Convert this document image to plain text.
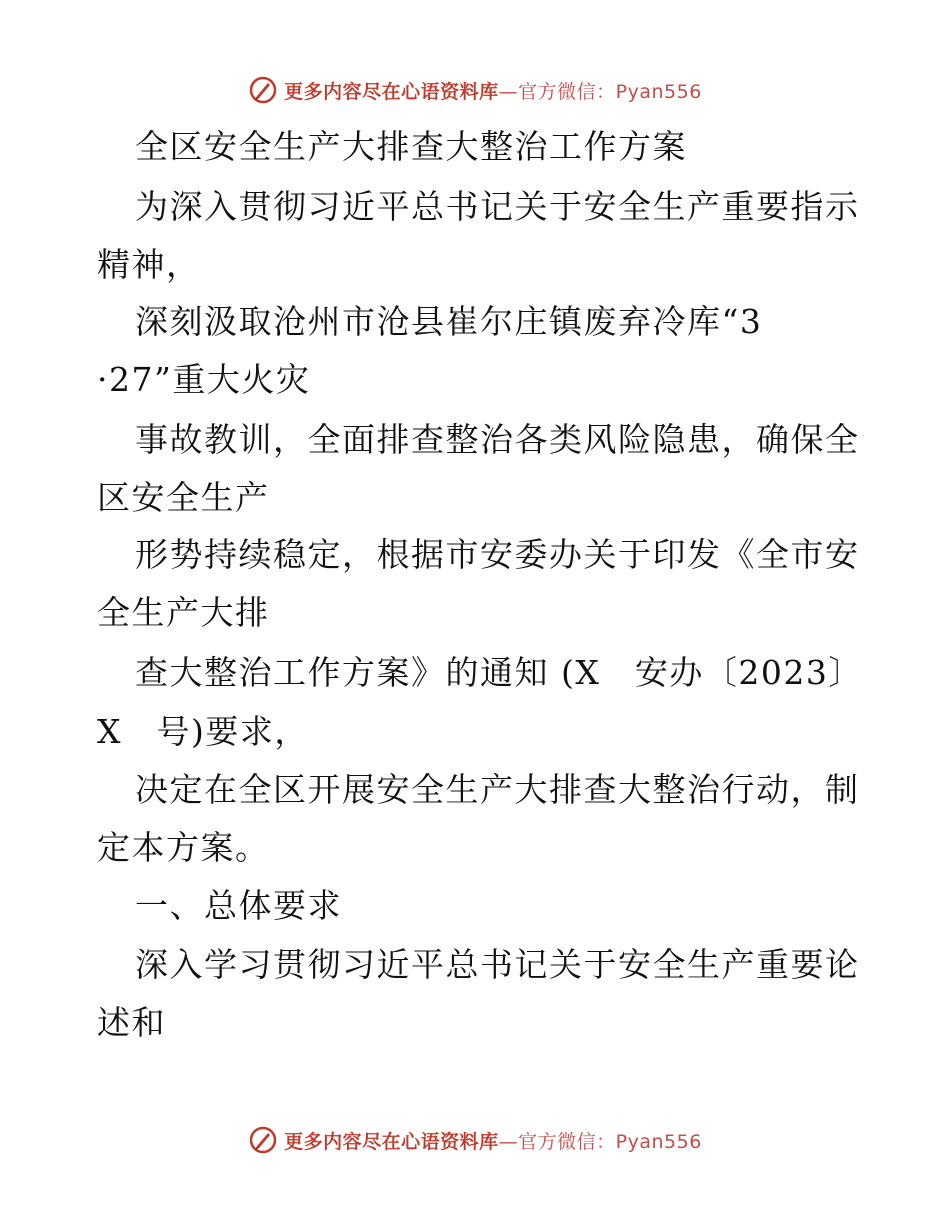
更多内容尽在心语资料库—官方微信：Pyan556
全区安全生产大排查大整治工作方案
为深入贯彻习近平总书记关于安全生产重要指示
精神，
深刻汲取沧州市沧县崔尔庄镇废弃冷库“3
·27”重大火灾
事故教训，全面排查整治各类风险隐患，确保全
区安全生产
形势持续稳定，根据市安委办关于印发《全市安
全生产大排
查大整治工作方案》的通知 (X　安办〔2023〕
X　号)要求，
决定在全区开展安全生产大排查大整治行动，制
定本方案。
一、总体要求
深入学习贯彻习近平总书记关于安全生产重要论
述和
更多内容尽在心语资料库—官方微信：Pyan556
